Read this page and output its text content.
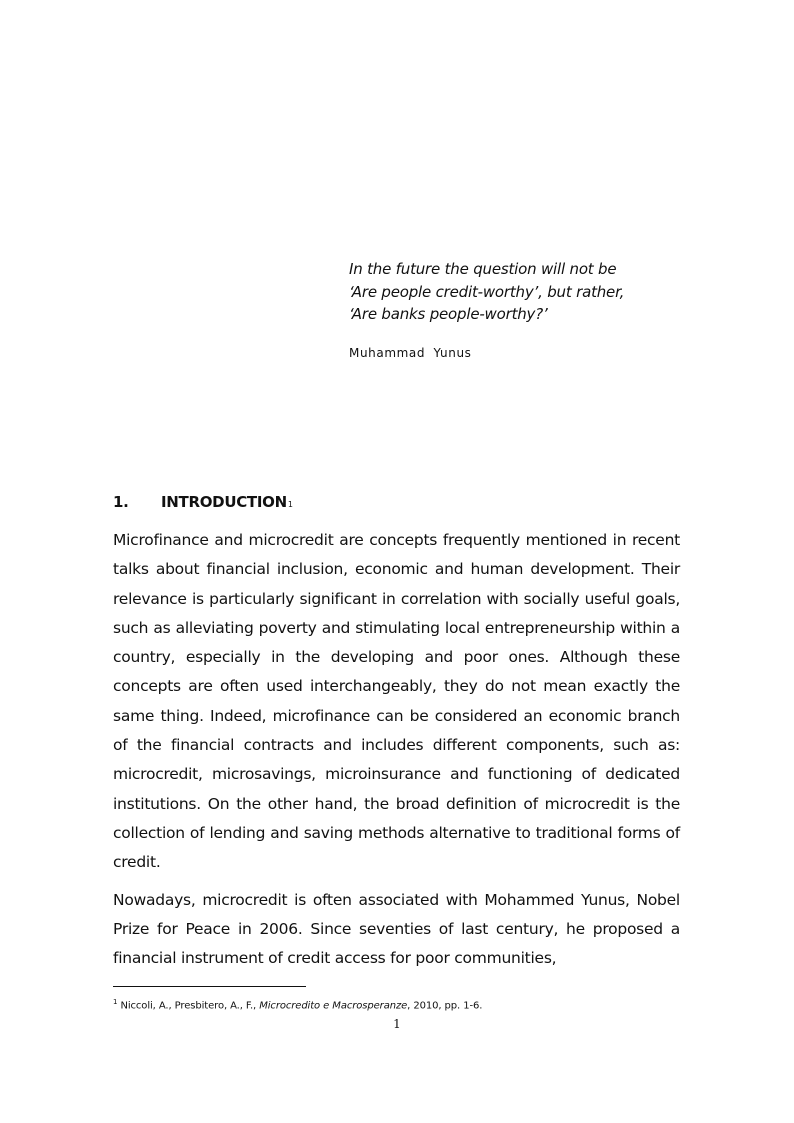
In the future the question will not be
‘Are people credit-worthy’, but rather,
‘Are banks people-worthy?’
Muhammad Yunus
1.	INTRODUCTION 1

Microfinance and microcredit are concepts frequently mentioned in recent talks about financial inclusion, economic and human development. Their relevance is particularly significant in correlation with socially useful goals, such as alleviating poverty and stimulating local entrepreneurship within a country, especially in the developing and poor ones. Although these concepts are often used interchangeably, they do not mean exactly the same thing. Indeed, microfinance can be considered an economic branch of the financial contracts and includes different components, such as: microcredit, microsavings, microinsurance and functioning of dedicated institutions. On the other hand, the broad definition of microcredit is the collection of lending and saving methods alternative to traditional forms of credit.

Nowadays, microcredit is often associated with Mohammed Yunus, Nobel Prize for Peace in 2006. Since seventies of last century, he proposed a financial instrument of credit access for poor communities,

$^1$ Niccoli, A., Presbitero, A., F., Microcredito e Macrosperanze, 2010, pp. 1-6.
1
